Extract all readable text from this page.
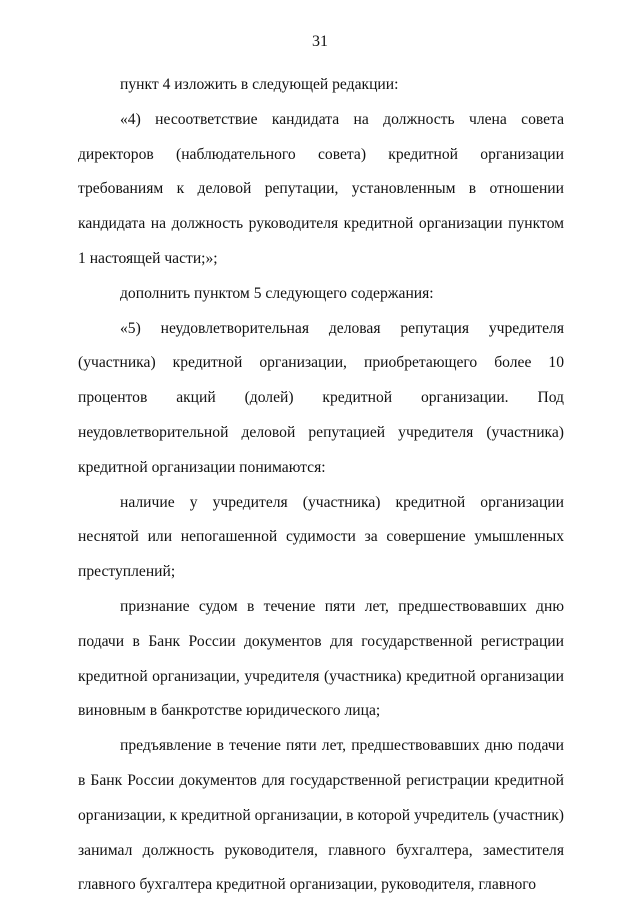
31

пункт 4 изложить в следующей редакции:

«4) несоответствие кандидата на должность члена совета директоров (наблюдательного совета) кредитной организации требованиям к деловой репутации, установленным в отношении кандидата на должность руководителя кредитной организации пунктом 1 настоящей части;»;

дополнить пунктом 5 следующего содержания:

«5) неудовлетворительная деловая репутация учредителя (участника) кредитной организации, приобретающего более 10 процентов акций (долей) кредитной организации. Под неудовлетворительной деловой репутацией учредителя (участника) кредитной организации понимаются:

наличие у учредителя (участника) кредитной организации неснятой или непогашенной судимости за совершение умышленных преступлений;

признание судом в течение пяти лет, предшествовавших дню подачи в Банк России документов для государственной регистрации кредитной организации, учредителя (участника) кредитной организации виновным в банкротстве юридического лица;

предъявление в течение пяти лет, предшествовавших дню подачи в Банк России документов для государственной регистрации кредитной организации, к кредитной организации, в которой учредитель (участник) занимал должность руководителя, главного бухгалтера, заместителя главного бухгалтера кредитной организации, руководителя, главного
